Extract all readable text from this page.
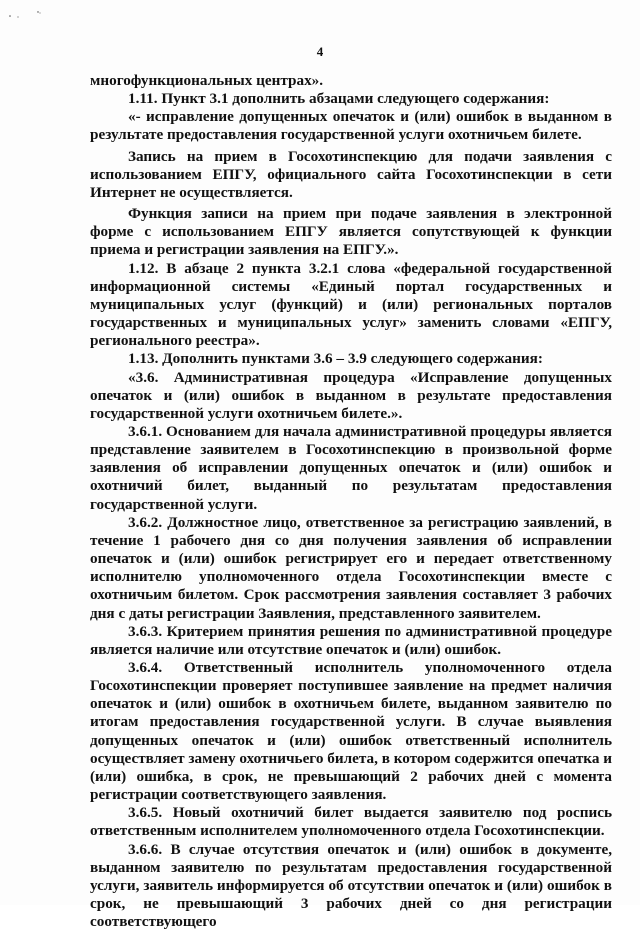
4

многофункциональных центрах».

1.11. Пункт 3.1 дополнить абзацами следующего содержания:

«- исправление допущенных опечаток и (или) ошибок в выданном в результате предоставления государственной услуги охотничьем билете.

Запись на прием в Госохотинспекцию для подачи заявления с использованием ЕПГУ, официального сайта Госохотинспекции в сети Интернет не осуществляется.

Функция записи на прием при подаче заявления в электронной форме с использованием ЕПГУ является сопутствующей к функции приема и регистрации заявления на ЕПГУ.».

1.12. В абзаце 2 пункта 3.2.1 слова «федеральной государственной информационной системы «Единый портал государственных и муниципальных услуг (функций) и (или) региональных порталов государственных и муниципальных услуг» заменить словами «ЕПГУ, регионального реестра».

1.13. Дополнить пунктами 3.6 – 3.9 следующего содержания:

«3.6. Административная процедура «Исправление допущенных опечаток и (или) ошибок в выданном в результате предоставления государственной услуги охотничьем билете.».

3.6.1. Основанием для начала административной процедуры является представление заявителем в Госохотинспекцию в произвольной форме заявления об исправлении допущенных опечаток и (или) ошибок и охотничий билет, выданный по результатам предоставления государственной услуги.

3.6.2. Должностное лицо, ответственное за регистрацию заявлений, в течение 1 рабочего дня со дня получения заявления об исправлении опечаток и (или) ошибок регистрирует его и передает ответственному исполнителю уполномоченного отдела Госохотинспекции вместе с охотничьим билетом. Срок рассмотрения заявления составляет 3 рабочих дня с даты регистрации Заявления, представленного заявителем.

3.6.3. Критерием принятия решения по административной процедуре является наличие или отсутствие опечаток и (или) ошибок.

3.6.4. Ответственный исполнитель уполномоченного отдела Госохотинспекции проверяет поступившее заявление на предмет наличия опечаток и (или) ошибок в охотничьем билете, выданном заявителю по итогам предоставления государственной услуги. В случае выявления допущенных опечаток и (или) ошибок ответственный исполнитель осуществляет замену охотничьего билета, в котором содержится опечатка и (или) ошибка, в срок, не превышающий 2 рабочих дней с момента регистрации соответствующего заявления.

3.6.5. Новый охотничий билет выдается заявителю под роспись ответственным исполнителем уполномоченного отдела Госохотинспекции.

3.6.6. В случае отсутствия опечаток и (или) ошибок в документе, выданном заявителю по результатам предоставления государственной услуги, заявитель информируется об отсутствии опечаток и (или) ошибок в срок, не превышающий 3 рабочих дней со дня регистрации соответствующего
